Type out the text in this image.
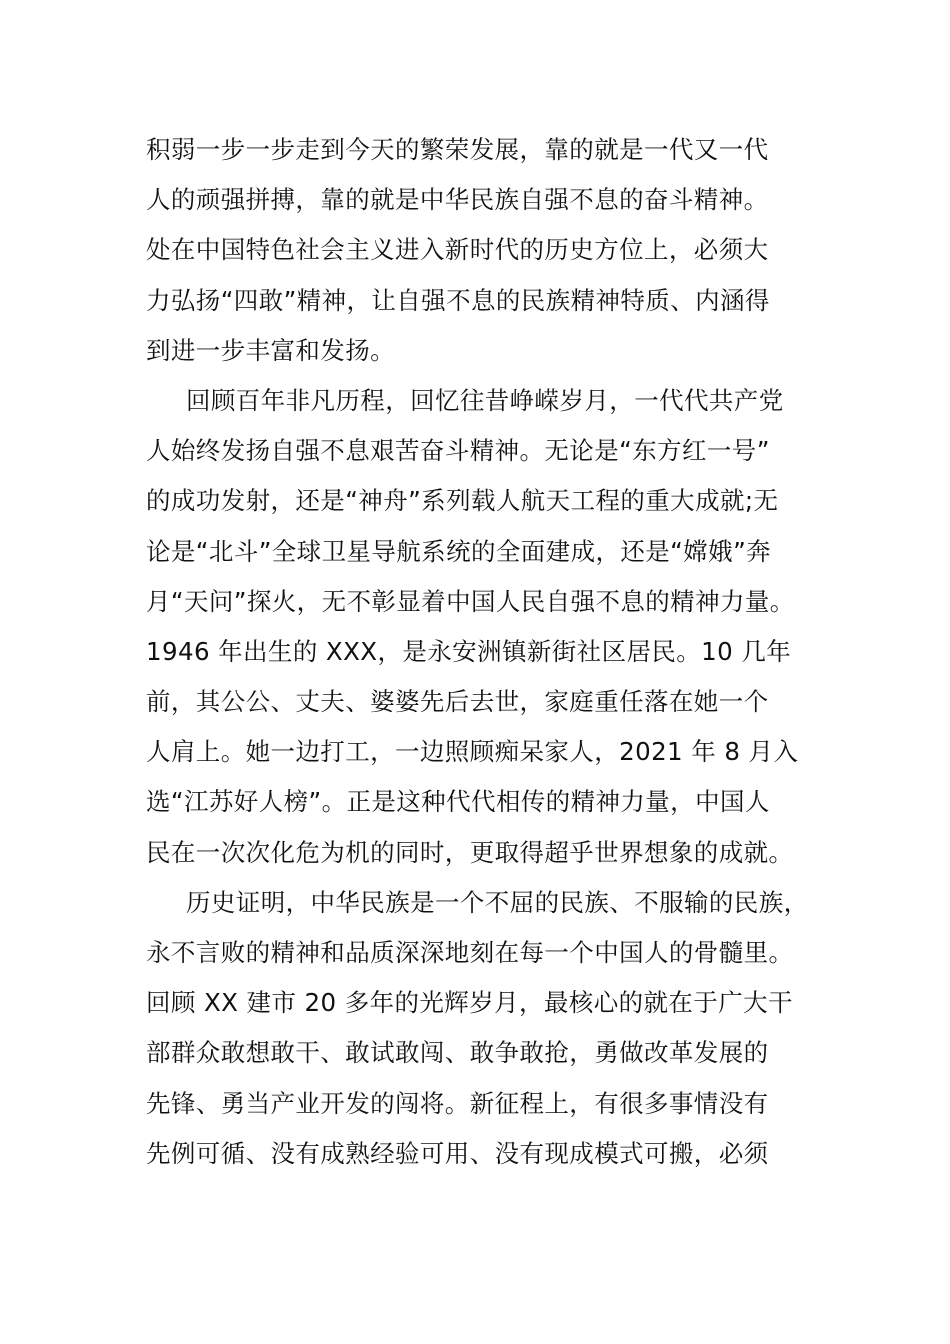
积弱一步一步走到今天的繁荣发展，靠的就是一代又一代
人的顽强拼搏，靠的就是中华民族自强不息的奋斗精神。
处在中国特色社会主义进入新时代的历史方位上，必须大
力弘扬“四敢”精神，让自强不息的民族精神特质、内涵得
到进一步丰富和发扬。
回顾百年非凡历程，回忆往昔峥嵘岁月，一代代共产党
人始终发扬自强不息艰苦奋斗精神。无论是“东方红一号”
的成功发射，还是“神舟”系列载人航天工程的重大成就;无
论是“北斗”全球卫星导航系统的全面建成，还是“嫦娥”奔
月“天问”探火，无不彰显着中国人民自强不息的精神力量。
1946 年出生的 XXX，是永安洲镇新街社区居民。10 几年
前，其公公、丈夫、婆婆先后去世，家庭重任落在她一个
人肩上。她一边打工，一边照顾痴呆家人，2021 年 8 月入
选“江苏好人榜”。正是这种代代相传的精神力量，中国人
民在一次次化危为机的同时，更取得超乎世界想象的成就。
历史证明，中华民族是一个不屈的民族、不服输的民族，
永不言败的精神和品质深深地刻在每一个中国人的骨髓里。
回顾 XX 建市 20 多年的光辉岁月，最核心的就在于广大干
部群众敢想敢干、敢试敢闯、敢争敢抢，勇做改革发展的
先锋、勇当产业开发的闯将。新征程上，有很多事情没有
先例可循、没有成熟经验可用、没有现成模式可搬，必须
